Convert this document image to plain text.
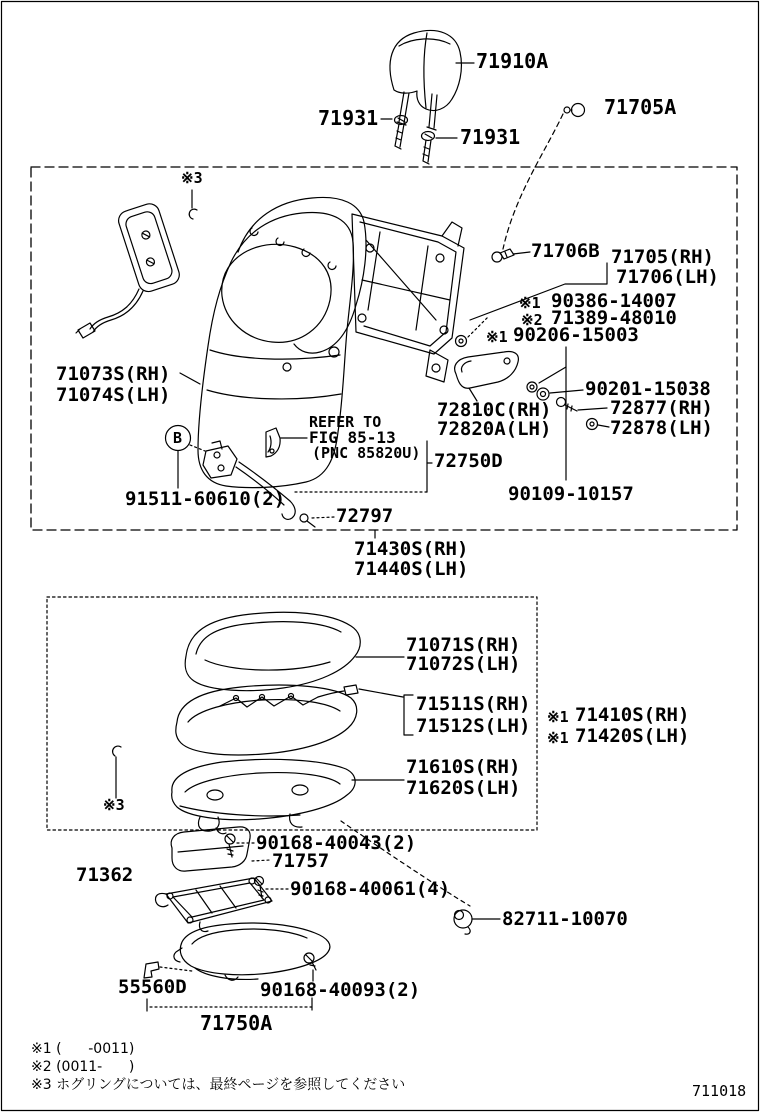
71910A
71931
71931
71705A
※3
71073S(RH)
71074S(LH)
71706B 71705(RH)
71706(LH)
※1 90386-14007
※2 71389-48010
※1 90206-15003
72810C(RH)
72820A(LH)
90201-15038
72877(RH)
72878(LH)
REFER TO
FIG 85-13
(PNC 85820U) 72750D
B
91511-60610(2)
72797
90109-10157
71430S(RH)
71440S(LH)
71071S(RH)
71072S(LH)
71511S(RH)
71512S(LH) ※1 71410S(RH)
※1 71420S(LH)
71610S(RH)
71620S(LH)
※3
90168-40043(2)
71757
71362
90168-40061(4)
82711-10070
55560D	90168-40093(2)
71750A
※1 (      -0011)
※2 (0011-      )
※3 ホグリングについては、最終ページを参照してください	711018
